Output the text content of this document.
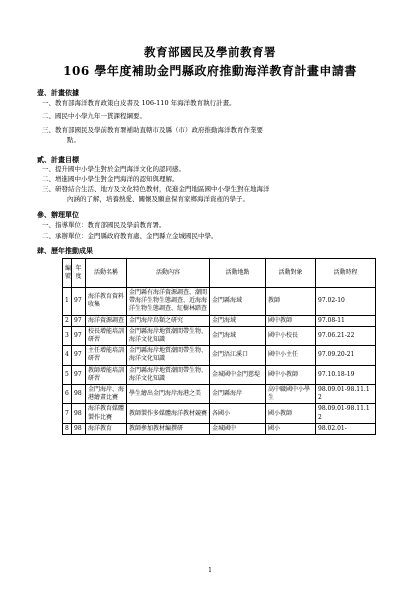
教育部國民及學前教育署
106 學年度補助金門縣政府推動海洋教育計畫申請書
壹、計畫依據
一、教育部海洋教育政策白皮書及 106-110 年海洋教育執行計畫。
二、國民中小學九年一貫課程綱要。
三、教育部國民及學前教育署補助直轄市及縣（市）政府推動海洋教育作業要
點。
貳、計畫目標
一、提升國中小學生對於金門海洋文化的認同感。
二、增進國中小學生對金門海洋的認知與理解。
三、研發結合生活、地方及文化特色教材，促進金門地區國中小學生對在地海洋
內涵的了解，培養熱愛、關懷及願意保育家鄉海洋資產的學子。
參、辦理單位
一、指導單位：教育部國民及學前教育署。
編號	年度	活動名稱	活動內容	活動地點	活動對象	活動時程
1	97	海洋教育資料收集	金門縣有海洋資源調查、潮間帶海洋生物生態調查、近海海洋生物生態調查、紅樹林踏查	金門縣海域	教師	97.02-10
2	97	海洋資源調查	金門海岸鳥類之研究	金門海域	國中教師	97.08-11
3	97	校長增能培訓研習	金門縣海岸地質潮間帶生物、海洋文化知識	金門海域	國中小校長	97.06.21-22
4	97	主任增能培訓研習	金門縣海岸地質潮間帶生物、海洋文化知識	金門浯江溪口	國中小主任	97.09.20-21
5	97	教師增能培訓研習	金門縣海岸地質潮間帶生物、海洋文化知識	金城國中金門慈堤	國中小教師	97.10.18-19
6	98	金門海岸、海港繪畫比賽	學生繪出金門海岸海港之美	金門縣海岸	高中職國中小學生	98.09.01-98.11.12
7	98	海洋教育媒體製作比賽	教師製作多媒體海洋教材競賽	各國小	國小教師	98.09.01-98.11.12
8	98	海洋教育	教師參加教材編撰研	金城國中	國小	98.02.01-
1
二、承辦單位：金門縣政府教育處、金門縣立金城國民中學。
肆、歷年推動成果
